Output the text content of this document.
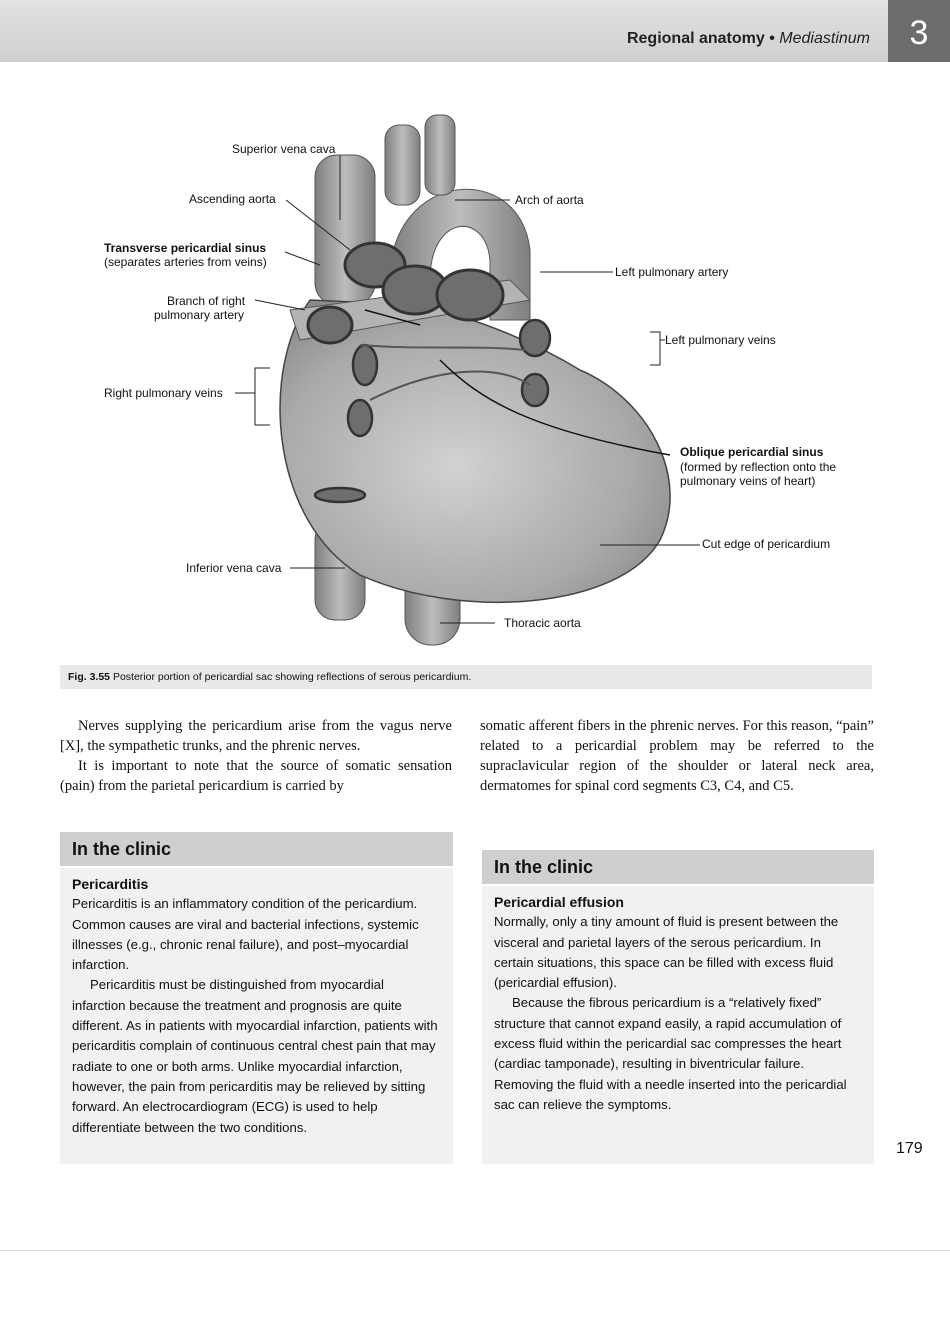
Regional anatomy • Mediastinum	3
Superior vena cava
Ascending aorta
Transverse pericardial sinus
(separates arteries from veins)
Branch of right
pulmonary artery
Right pulmonary veins
Inferior vena cava
Arch of aorta
Left pulmonary artery
Left pulmonary veins
Oblique pericardial sinus
(formed by reflection onto the
pulmonary veins of heart)
Cut edge of pericardium
Thoracic aorta
Fig. 3.55 Posterior portion of pericardial sac showing reflections of serous pericardium.

Nerves supplying the pericardium arise from the vagus nerve [X], the sympathetic trunks, and the phrenic nerves.

It is important to note that the source of somatic sensation (pain) from the parietal pericardium is carried by

somatic afferent fibers in the phrenic nerves. For this reason, “pain” related to a pericardial problem may be referred to the supraclavicular region of the shoulder or lateral neck area, dermatomes for spinal cord segments C3, C4, and C5.

In the clinic
Pericarditis

Pericarditis is an inflammatory condition of the pericardium. Common causes are viral and bacterial infections, systemic illnesses (e.g., chronic renal failure), and post–myocardial infarction.

Pericarditis must be distinguished from myocardial infarction because the treatment and prognosis are quite different. As in patients with myocardial infarction, patients with pericarditis complain of continuous central chest pain that may radiate to one or both arms. Unlike myocardial infarction, however, the pain from pericarditis may be relieved by sitting forward. An electrocardiogram (ECG) is used to help differentiate between the two conditions.

In the clinic
Pericardial effusion

Normally, only a tiny amount of fluid is present between the visceral and parietal layers of the serous pericardium. In certain situations, this space can be filled with excess fluid (pericardial effusion).

Because the fibrous pericardium is a “relatively fixed” structure that cannot expand easily, a rapid accumulation of excess fluid within the pericardial sac compresses the heart (cardiac tamponade), resulting in biventricular failure. Removing the fluid with a needle inserted into the pericardial sac can relieve the symptoms.

179
